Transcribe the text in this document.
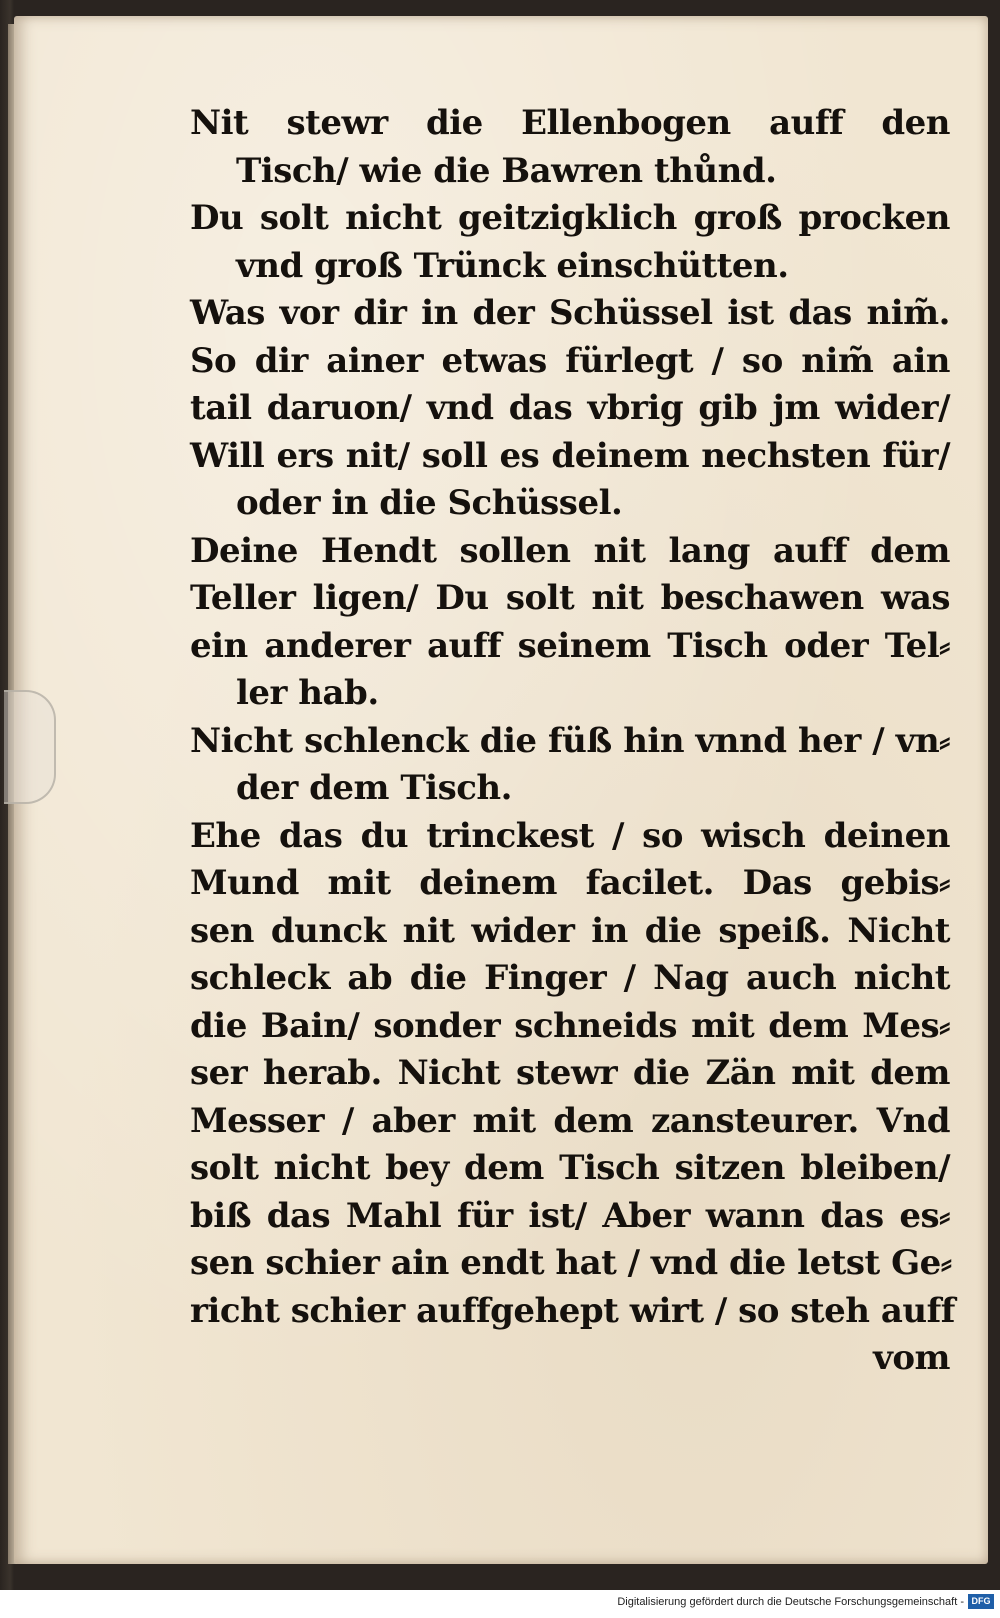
Nit stewr die Ellenbogen auff den
Tisch/ wie die Bawren thůnd.
Du solt nicht geitzigklich groß procken
vnd groß Trünck einschütten.
Was vor dir in der Schüssel ist das nim̃.
So dir ainer etwas fürlegt / so nim̃ ain
tail daruon/ vnd das vbrig gib jm wider/
Will ers nit/ soll es deinem nechsten für/
oder in die Schüssel.
Deine Hendt sollen nit lang auff dem
Teller ligen/ Du solt nit beschawen was
ein anderer auff seinem Tisch oder Tel⸗
ler hab.
Nicht schlenck die füß hin vnnd her / vn⸗
der dem Tisch.
Ehe das du trinckest / so wisch deinen
Mund mit deinem facilet. Das gebis⸗
sen dunck nit wider in die speiß. Nicht
schleck ab die Finger / Nag auch nicht
die Bain/ sonder schneids mit dem Mes⸗
ser herab. Nicht stewr die Zän mit dem
Messer / aber mit dem zansteurer. Vnd
solt nicht bey dem Tisch sitzen bleiben/
biß das Mahl für ist/ Aber wann das es⸗
sen schier ain endt hat / vnd die letst Ge⸗
richt schier auffgehept wirt / so steh auff
vom
Digitalisierung gefördert durch die Deutsche Forschungsgemeinschaft - DFG
